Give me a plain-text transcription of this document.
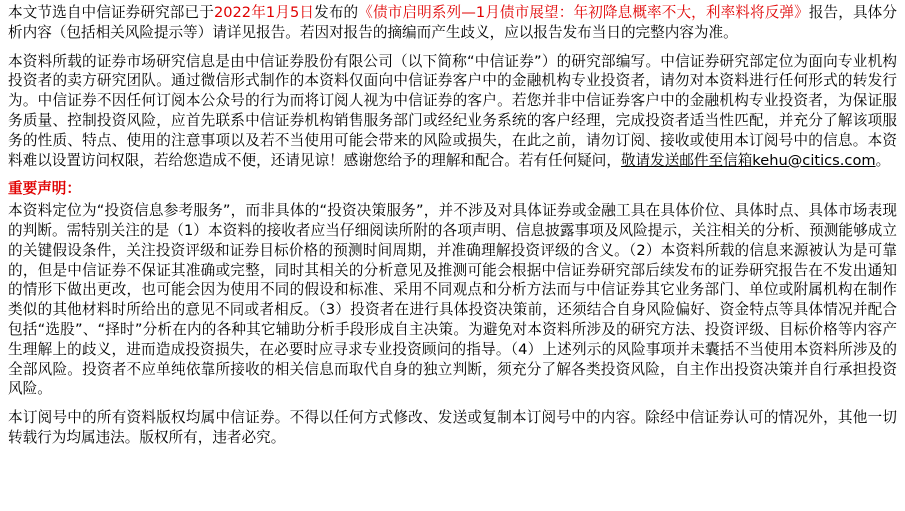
本文节选自中信证券研究部已于2022年1月5日发布的《债市启明系列—1月债市展望：年初降息概率不大，利率料将反弹》报告，具体分析内容（包括相关风险提示等）请详见报告。若因对报告的摘编而产生歧义，应以报告发布当日的完整内容为准。

本资料所载的证券市场研究信息是由中信证券股份有限公司（以下简称“中信证券”）的研究部编写。中信证券研究部定位为面向专业机构投资者的卖方研究团队。通过微信形式制作的本资料仅面向中信证券客户中的金融机构专业投资者，请勿对本资料进行任何形式的转发行为。中信证券不因任何订阅本公众号的行为而将订阅人视为中信证券的客户。若您并非中信证券客户中的金融机构专业投资者，为保证服务质量、控制投资风险，应首先联系中信证券机构销售服务部门或经纪业务系统的客户经理，完成投资者适当性匹配，并充分了解该项服务的性质、特点、使用的注意事项以及若不当使用可能会带来的风险或损失，在此之前，请勿订阅、接收或使用本订阅号中的信息。本资料难以设置访问权限，若给您造成不便，还请见谅！感谢您给予的理解和配合。若有任何疑问，敬请发送邮件至信箱kehu@citics.com。

重要声明：

本资料定位为“投资信息参考服务”，而非具体的“投资决策服务”，并不涉及对具体证券或金融工具在具体价位、具体时点、具体市场表现的判断。需特别关注的是（1）本资料的接收者应当仔细阅读所附的各项声明、信息披露事项及风险提示，关注相关的分析、预测能够成立的关键假设条件，关注投资评级和证券目标价格的预测时间周期，并准确理解投资评级的含义。（2）本资料所载的信息来源被认为是可靠的，但是中信证券不保证其准确或完整，同时其相关的分析意见及推测可能会根据中信证券研究部后续发布的证券研究报告在不发出通知的情形下做出更改，也可能会因为使用不同的假设和标准、采用不同观点和分析方法而与中信证券其它业务部门、单位或附属机构在制作类似的其他材料时所给出的意见不同或者相反。（3）投资者在进行具体投资决策前，还须结合自身风险偏好、资金特点等具体情况并配合包括“选股”、“择时”分析在内的各种其它辅助分析手段形成自主决策。为避免对本资料所涉及的研究方法、投资评级、目标价格等内容产生理解上的歧义，进而造成投资损失，在必要时应寻求专业投资顾问的指导。（4）上述列示的风险事项并未囊括不当使用本资料所涉及的全部风险。投资者不应单纯依靠所接收的相关信息而取代自身的独立判断，须充分了解各类投资风险，自主作出投资决策并自行承担投资风险。

本订阅号中的所有资料版权均属中信证券。不得以任何方式修改、发送或复制本订阅号中的内容。除经中信证券认可的情况外，其他一切转载行为均属违法。版权所有，违者必究。
